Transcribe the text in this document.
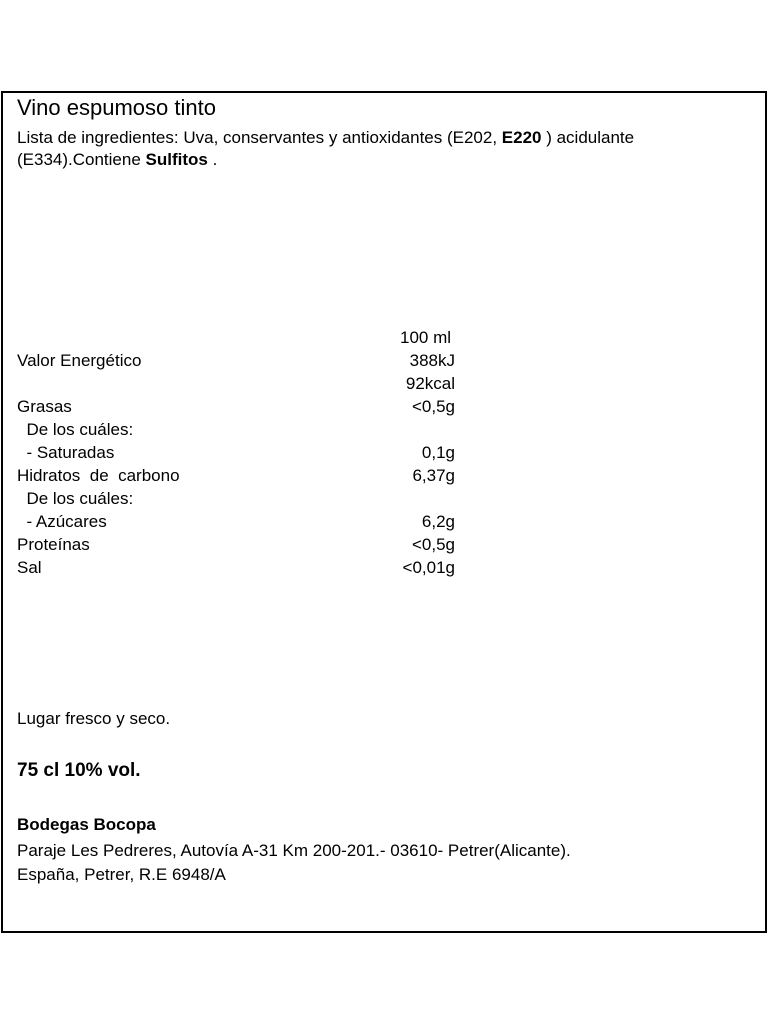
Vino espumoso tinto
Lista de ingredientes: Uva, conservantes y antioxidantes (E202, E220 ) acidulante (E334).Contiene Sulfitos .
100 ml
Valor Energético	388kJ
92kcal
Grasas	<0,5g
De los cuáles:
- Saturadas	0,1g
Hidratos  de  carbono	6,37g
De los cuáles:
- Azúcares	6,2g
Proteínas	<0,5g
Sal	<0,01g
Lugar fresco y seco.
75 cl 10% vol.
Bodegas Bocopa
Paraje Les Pedreres, Autovía A-31 Km 200-201.- 03610- Petrer(Alicante).
España, Petrer, R.E 6948/A
